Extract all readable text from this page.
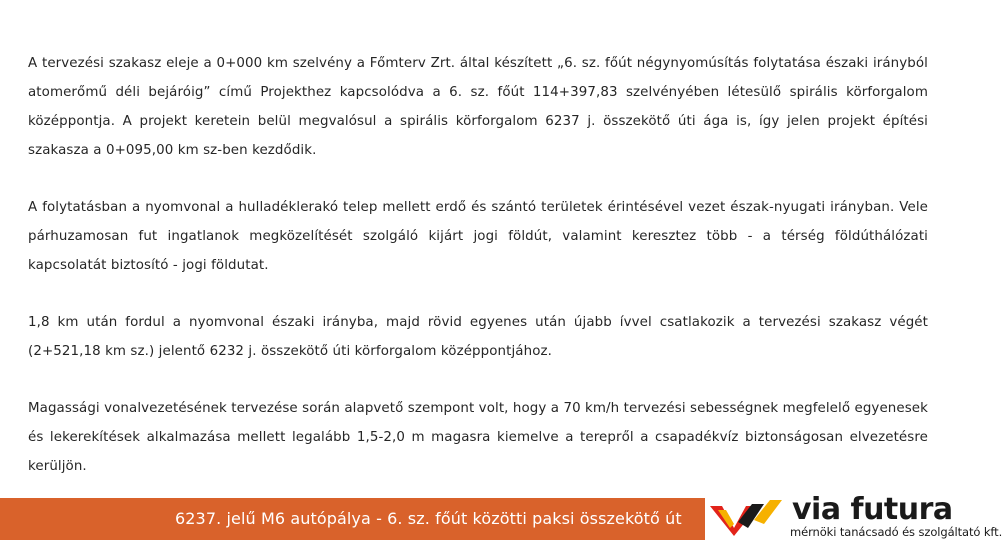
A tervezési szakasz eleje a 0+000 km szelvény a Főmterv Zrt. által készített „6. sz. főút négynyomúsítás folytatása északi irányból atomerőmű déli bejáróig” című Projekthez kapcsolódva a 6. sz. főút 114+397,83 szelvényében létesülő spirális körforgalom középpontja. A projekt keretein belül megvalósul a spirális körforgalom 6237 j. összekötő úti ága is, így jelen projekt építési szakasza a 0+095,00 km sz-ben kezdődik.

A folytatásban a nyomvonal a hulladéklerakó telep mellett erdő és szántó területek érintésével vezet észak-nyugati irányban. Vele párhuzamosan fut ingatlanok megközelítését szolgáló kijárt jogi földút, valamint keresztez több - a térség földúthálózati kapcsolatát biztosító - jogi földutat.

1,8 km után fordul a nyomvonal északi irányba, majd rövid egyenes után újabb ívvel csatlakozik a tervezési szakasz végét (2+521,18 km sz.) jelentő 6232 j. összekötő úti körforgalom középpontjához.

Magassági vonalvezetésének tervezése során alapvető szempont volt, hogy a 70 km/h tervezési sebességnek megfelelő egyenesek és lekerekítések alkalmazása mellett legalább 1,5-2,0 m magasra kiemelve a terepről a csapadékvíz biztonságosan elvezetésre kerüljön.

6237. jelű M6 autópálya - 6. sz. főút közötti paksi összekötő út	via futura
mérnöki tanácsadó és szolgáltató kft.
